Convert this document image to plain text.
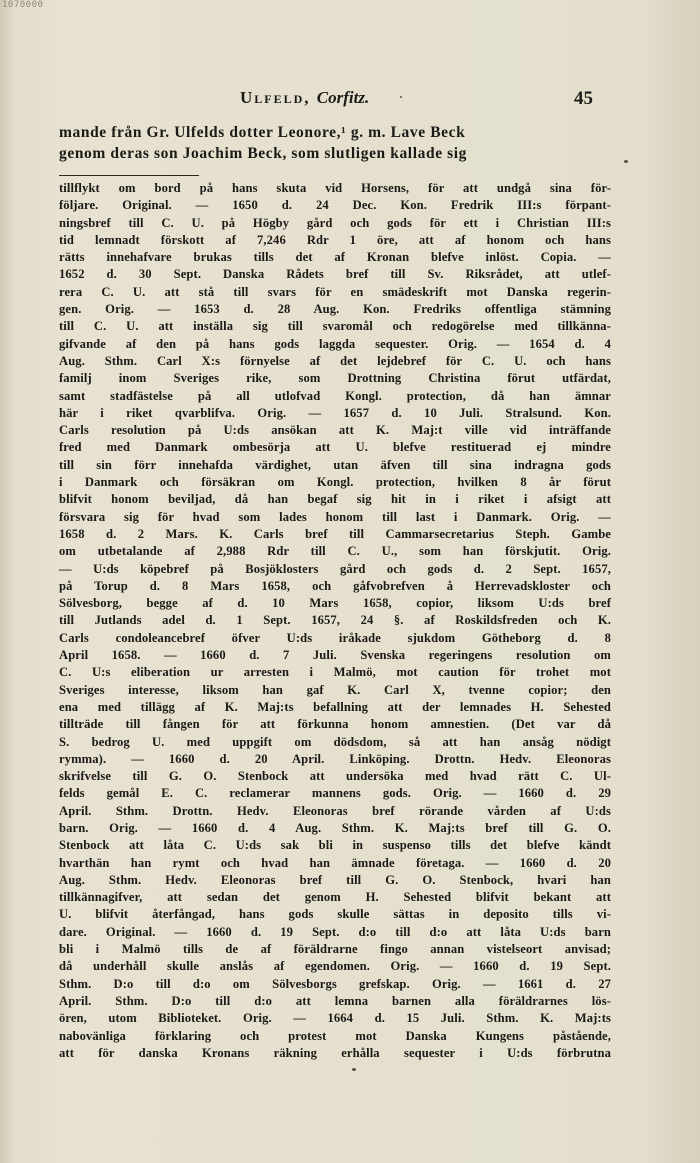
1070000
Ulfeld, Corfitz.	45
mande från Gr. Ulfelds dotter Leonore,¹ g. m. Lave Beck
genom deras son Joachim Beck, som slutligen kallade sig
tillflykt om bord på hans skuta vid Horsens, för att undgå sina för-
följare. Original. — 1650 d. 24 Dec. Kon. Fredrik III:s förpant-
ningsbref till C. U. på Högby gård och gods för ett i Christian III:s
tid lemnadt förskott af 7,246 Rdr 1 öre, att af honom och hans
rätts innehafvare brukas tills det af Kronan blefve inlöst. Copia. —
1652 d. 30 Sept. Danska Rådets bref till Sv. Riksrådet, att utlef-
rera C. U. att stå till svars för en smädeskrift mot Danska regerin-
gen. Orig. — 1653 d. 28 Aug. Kon. Fredriks offentliga stämning
till C. U. att inställa sig till svaromål och redogörelse med tillkänna-
gifvande af den på hans gods laggda sequester. Orig. — 1654 d. 4
Aug. Sthm. Carl X:s förnyelse af det lejdebref för C. U. och hans
familj inom Sveriges rike, som Drottning Christina förut utfärdat,
samt stadfästelse på all utlofvad Kongl. protection, då han ämnar
här i riket qvarblifva. Orig. — 1657 d. 10 Juli. Stralsund. Kon.
Carls resolution på U:ds ansökan att K. Maj:t ville vid inträffande
fred med Danmark ombesörja att U. blefve restituerad ej mindre
till sin förr innehafda värdighet, utan äfven till sina indragna gods
i Danmark och försäkran om Kongl. protection, hvilken 8 år förut
blifvit honom beviljad, då han begaf sig hit in i riket i afsigt att
försvara sig för hvad som lades honom till last i Danmark. Orig. —
1658 d. 2 Mars. K. Carls bref till Cammarsecretarius Steph. Gambe
om utbetalande af 2,988 Rdr till C. U., som han förskjutit. Orig.
— U:ds köpebref på Bosjöklosters gård och gods d. 2 Sept. 1657,
på Torup d. 8 Mars 1658, och gåfvobrefven å Herrevadskloster och
Sölvesborg, begge af d. 10 Mars 1658, copior, liksom U:ds bref
till Jutlands adel d. 1 Sept. 1657, 24 §. af Roskildsfreden och K.
Carls condoleancebref öfver U:ds iråkade sjukdom Götheborg d. 8
April 1658. — 1660 d. 7 Juli. Svenska regeringens resolution om
C. U:s eliberation ur arresten i Malmö, mot caution för trohet mot
Sveriges interesse, liksom han gaf K. Carl X, tvenne copior; den
ena med tillägg af K. Maj:ts befallning att der lemnades H. Sehested
tillträde till fången för att förkunna honom amnestien. (Det var då
S. bedrog U. med uppgift om dödsdom, så att han ansåg nödigt
rymma). — 1660 d. 20 April. Linköping. Drottn. Hedv. Eleonoras
skrifvelse till G. O. Stenbock att undersöka med hvad rätt C. Ul-
felds gemål E. C. reclamerar mannens gods. Orig. — 1660 d. 29
April. Sthm. Drottn. Hedv. Eleonoras bref rörande vården af U:ds
barn. Orig. — 1660 d. 4 Aug. Sthm. K. Maj:ts bref till G. O.
Stenbock att låta C. U:ds sak bli in suspenso tills det blefve kändt
hvarthän han rymt och hvad han ämnade företaga. — 1660 d. 20
Aug. Sthm. Hedv. Eleonoras bref till G. O. Stenbock, hvari han
tillkännagifver, att sedan det genom H. Sehested blifvit bekant att
U. blifvit återfångad, hans gods skulle sättas in deposito tills vi-
dare. Original. — 1660 d. 19 Sept. d:o till d:o att låta U:ds barn
bli i Malmö tills de af föräldrarne fingo annan vistelseort anvisad;
då underhåll skulle anslås af egendomen. Orig. — 1660 d. 19 Sept.
Sthm. D:o till d:o om Sölvesborgs grefskap. Orig. — 1661 d. 27
April. Sthm. D:o till d:o att lemna barnen alla föräldrarnes lös-
ören, utom Biblioteket. Orig. — 1664 d. 15 Juli. Sthm. K. Maj:ts
nabovänliga förklaring och protest mot Danska Kungens påstående,
att för danska Kronans räkning erhålla sequester i U:ds förbrutna
